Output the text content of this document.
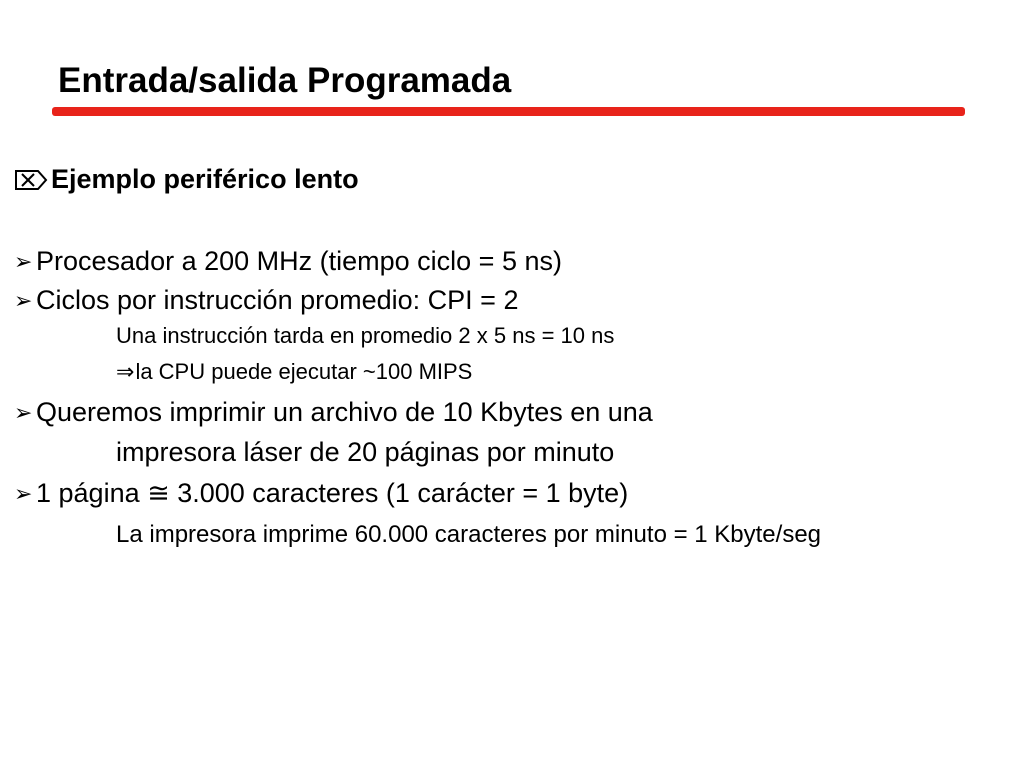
Entrada/salida Programada
Ejemplo periférico lento
➢ Procesador a 200 MHz (tiempo ciclo = 5 ns)
➢ Ciclos por instrucción promedio: CPI = 2
Una instrucción tarda en promedio 2 x 5 ns = 10 ns
⇒la CPU puede ejecutar ~100 MIPS
➢ Queremos imprimir un archivo de 10 Kbytes en una
impresora láser de 20 páginas por minuto
➢ 1 página ≅ 3.000 caracteres (1 carácter = 1 byte)
La impresora imprime 60.000 caracteres por minuto = 1 Kbyte/seg
